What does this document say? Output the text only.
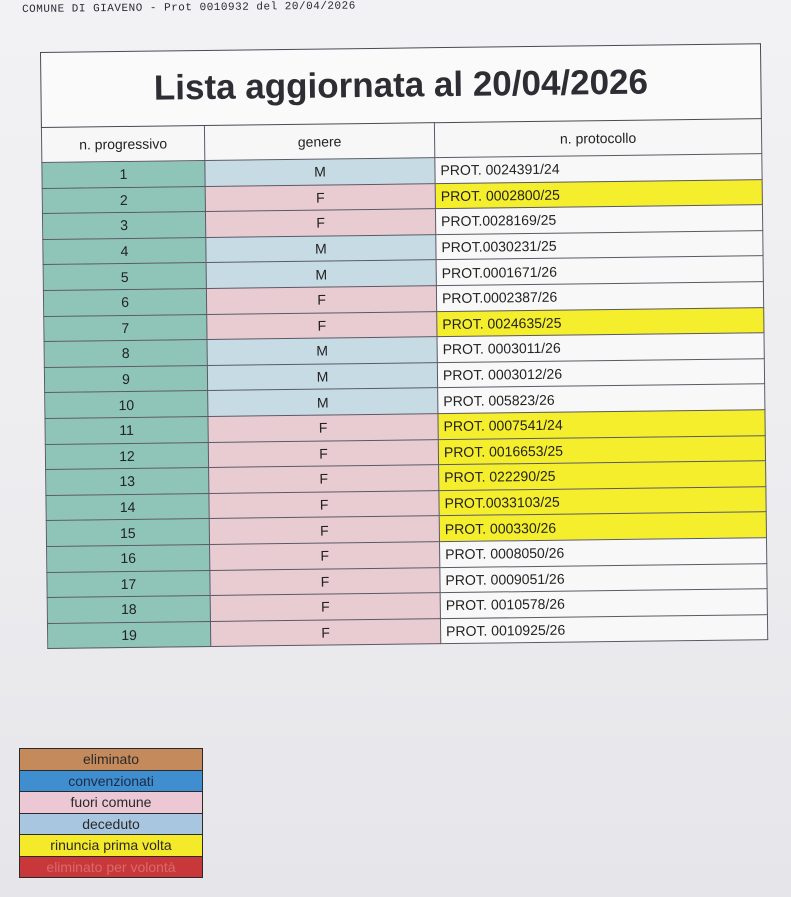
COMUNE DI GIAVENO - Prot 0010932 del 20/04/2026
Lista aggiornata al 20/04/2026		
n. progressivo	genere	n. protocollo
1	M	PROT. 0024391/24
2	F	PROT. 0002800/25
3	F	PROT.0028169/25
4	M	PROT.0030231/25
5	M	PROT.0001671/26
6	F	PROT.0002387/26
7	F	PROT. 0024635/25
8	M	PROT. 0003011/26
9	M	PROT. 0003012/26
10	M	PROT. 005823/26
11	F	PROT. 0007541/24
12	F	PROT. 0016653/25
13	F	PROT. 022290/25
14	F	PROT.0033103/25
15	F	PROT. 000330/26
16	F	PROT. 0008050/26
17	F	PROT. 0009051/26
18	F	PROT. 0010578/26
19	F	PROT. 0010925/26
eliminato
convenzionati
fuori comune
deceduto
rinuncia prima volta
eliminato per volontà
